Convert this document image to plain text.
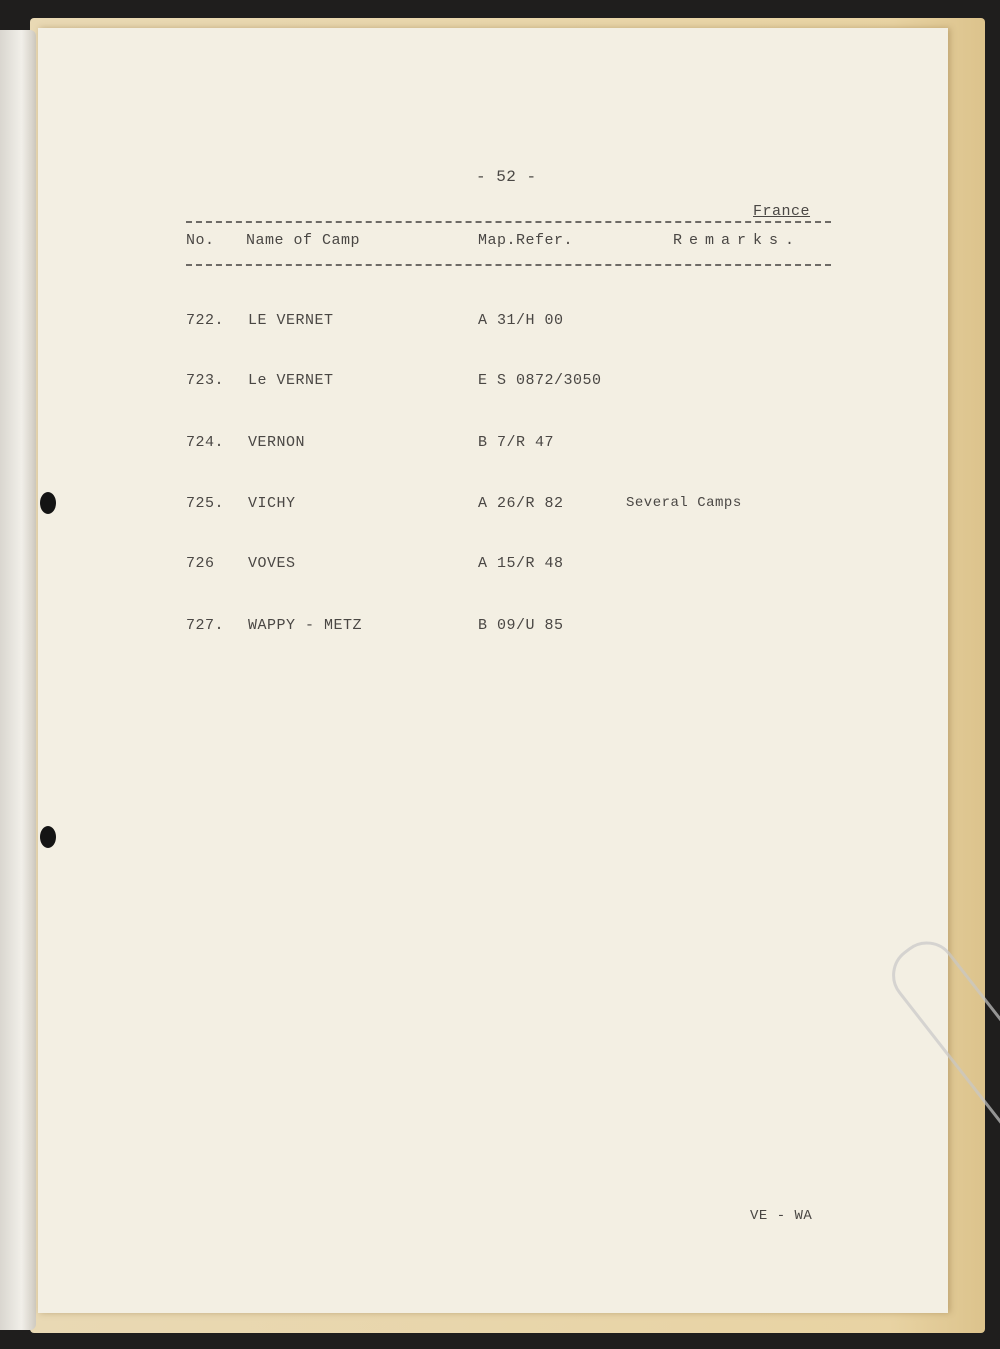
- 52 -
France
No. Name of Camp	Map.Refer.	Remarks.
722. LE VERNET	A 31/H 00
723. Le VERNET	E S 0872/3050
724. VERNON	B 7/R 47
725. VICHY	A 26/R 82	Several Camps
726 VOVES	A 15/R 48
727. WAPPY - METZ	B 09/U 85
VE - WA
